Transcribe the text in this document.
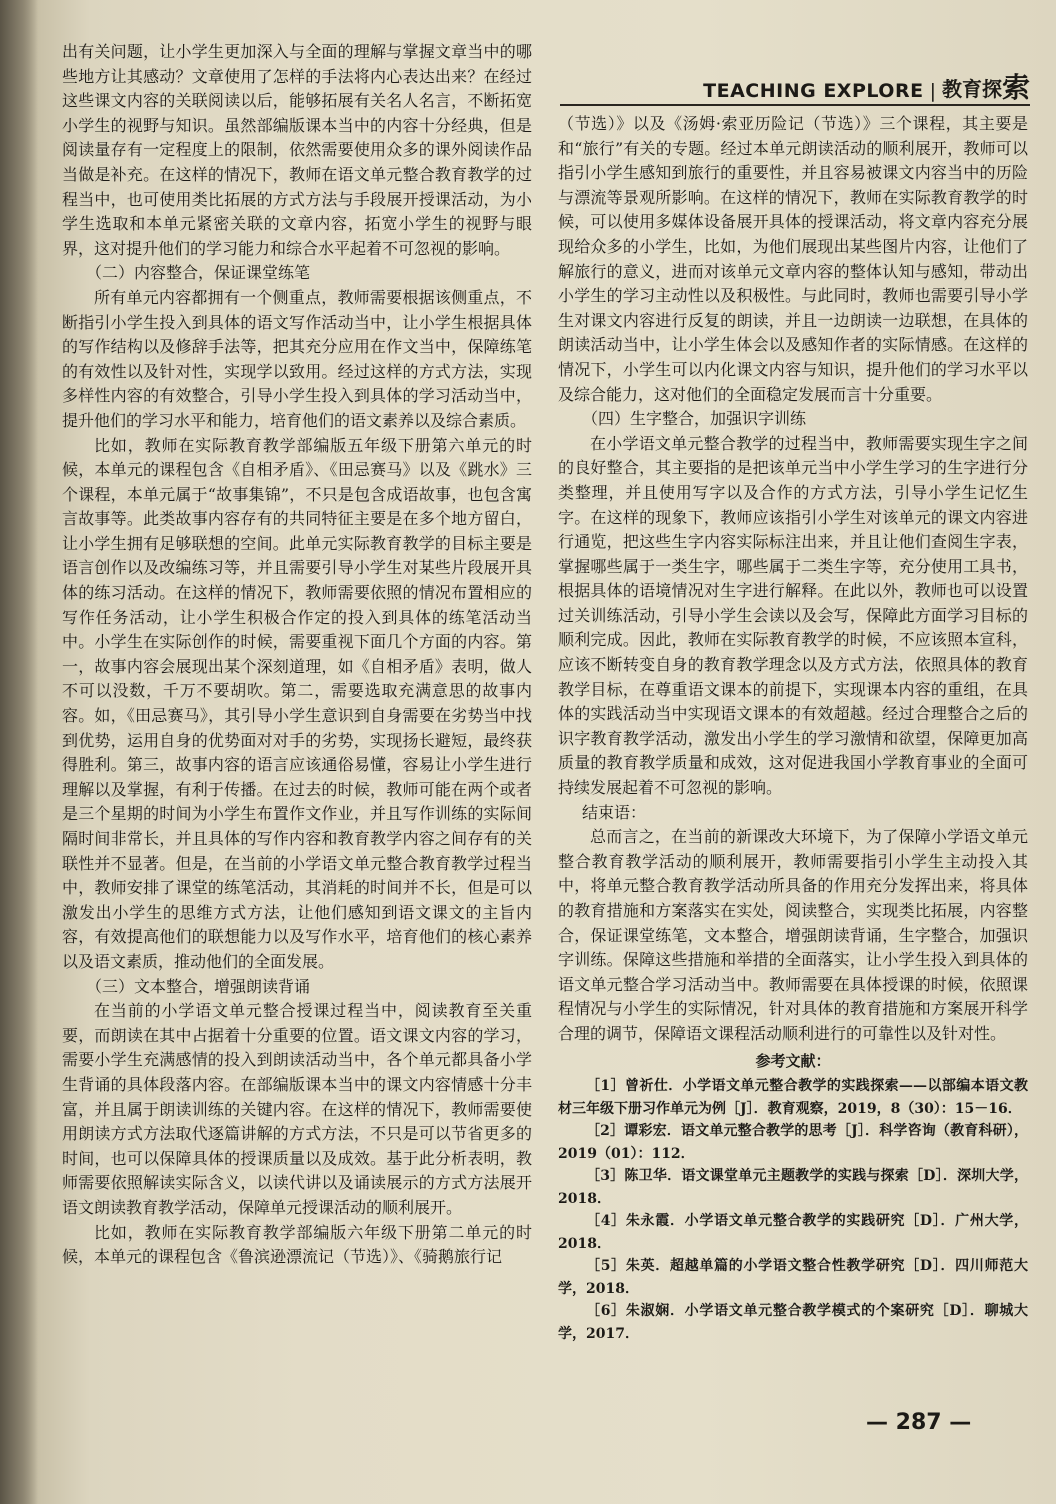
TEACHING EXPLORE | 教育探 索

出有关问题，让小学生更加深入与全面的理解与掌握文章当中的哪些地方让其感动？文章使用了怎样的手法将内心表达出来？在经过这些课文内容的关联阅读以后，能够拓展有关名人名言，不断拓宽小学生的视野与知识。虽然部编版课本当中的内容十分经典，但是阅读量存有一定程度上的限制，依然需要使用众多的课外阅读作品当做是补充。在这样的情况下，教师在语文单元整合教育教学的过程当中，也可使用类比拓展的方式方法与手段展开授课活动，为小学生选取和本单元紧密关联的文章内容，拓宽小学生的视野与眼界，这对提升他们的学习能力和综合水平起着不可忽视的影响。

（二）内容整合，保证课堂练笔

所有单元内容都拥有一个侧重点，教师需要根据该侧重点，不断指引小学生投入到具体的语文写作活动当中，让小学生根据具体的写作结构以及修辞手法等，把其充分应用在作文当中，保障练笔的有效性以及针对性，实现学以致用。经过这样的方式方法，实现多样性内容的有效整合，引导小学生投入到具体的学习活动当中，提升他们的学习水平和能力，培育他们的语文素养以及综合素质。

比如，教师在实际教育教学部编版五年级下册第六单元的时候，本单元的课程包含《自相矛盾》、《田忌赛马》以及《跳水》三个课程，本单元属于“故事集锦”，不只是包含成语故事，也包含寓言故事等。此类故事内容存有的共同特征主要是在多个地方留白，让小学生拥有足够联想的空间。此单元实际教育教学的目标主要是语言创作以及改编练习等，并且需要引导小学生对某些片段展开具体的练习活动。在这样的情况下，教师需要依照的情况布置相应的写作任务活动，让小学生积极合作定的投入到具体的练笔活动当中。小学生在实际创作的时候，需要重视下面几个方面的内容。第一，故事内容会展现出某个深刻道理，如《自相矛盾》表明，做人不可以没数，千万不要胡吹。第二，需要选取充满意思的故事内容。如，《田忌赛马》，其引导小学生意识到自身需要在劣势当中找到优势，运用自身的优势面对对手的劣势，实现扬长避短，最终获得胜利。第三，故事内容的语言应该通俗易懂，容易让小学生进行理解以及掌握，有利于传播。在过去的时候，教师可能在两个或者是三个星期的时间为小学生布置作文作业，并且写作训练的实际间隔时间非常长，并且具体的写作内容和教育教学内容之间存有的关联性并不显著。但是，在当前的小学语文单元整合教育教学过程当中，教师安排了课堂的练笔活动，其消耗的时间并不长，但是可以激发出小学生的思维方式方法，让他们感知到语文课文的主旨内容，有效提高他们的联想能力以及写作水平，培育他们的核心素养以及语文素质，推动他们的全面发展。

（三）文本整合，增强朗读背诵

在当前的小学语文单元整合授课过程当中，阅读教育至关重要，而朗读在其中占据着十分重要的位置。语文课文内容的学习，需要小学生充满感情的投入到朗读活动当中，各个单元都具备小学生背诵的具体段落内容。在部编版课本当中的课文内容情感十分丰富，并且属于朗读训练的关键内容。在这样的情况下，教师需要使用朗读方式方法取代逐篇讲解的方式方法，不只是可以节省更多的时间，也可以保障具体的授课质量以及成效。基于此分析表明，教师需要依照解读实际含义，以读代讲以及诵读展示的方式方法展开语文朗读教育教学活动，保障单元授课活动的顺利展开。

比如，教师在实际教育教学部编版六年级下册第二单元的时候，本单元的课程包含《鲁滨逊漂流记（节选）》、《骑鹅旅行记

（节选）》以及《汤姆·索亚历险记（节选）》三个课程，其主要是和“旅行”有关的专题。经过本单元朗读活动的顺利展开，教师可以指引小学生感知到旅行的重要性，并且容易被课文内容当中的历险与漂流等景观所影响。在这样的情况下，教师在实际教育教学的时候，可以使用多媒体设备展开具体的授课活动，将文章内容充分展现给众多的小学生，比如，为他们展现出某些图片内容，让他们了解旅行的意义，进而对该单元文章内容的整体认知与感知，带动出小学生的学习主动性以及积极性。与此同时，教师也需要引导小学生对课文内容进行反复的朗读，并且一边朗读一边联想，在具体的朗读活动当中，让小学生体会以及感知作者的实际情感。在这样的情况下，小学生可以内化课文内容与知识，提升他们的学习水平以及综合能力，这对他们的全面稳定发展而言十分重要。

（四）生字整合，加强识字训练

在小学语文单元整合教学的过程当中，教师需要实现生字之间的良好整合，其主要指的是把该单元当中小学生学习的生字进行分类整理，并且使用写字以及合作的方式方法，引导小学生记忆生字。在这样的现象下，教师应该指引小学生对该单元的课文内容进行通览，把这些生字内容实际标注出来，并且让他们查阅生字表，掌握哪些属于一类生字，哪些属于二类生字等，充分使用工具书，根据具体的语境情况对生字进行解释。在此以外，教师也可以设置过关训练活动，引导小学生会读以及会写，保障此方面学习目标的顺利完成。因此，教师在实际教育教学的时候，不应该照本宣科，应该不断转变自身的教育教学理念以及方式方法，依照具体的教育教学目标，在尊重语文课本的前提下，实现课本内容的重组，在具体的实践活动当中实现语文课本的有效超越。经过合理整合之后的识字教育教学活动，激发出小学生的学习激情和欲望，保障更加高质量的教育教学质量和成效，这对促进我国小学教育事业的全面可持续发展起着不可忽视的影响。

结束语：

总而言之，在当前的新课改大环境下，为了保障小学语文单元整合教育教学活动的顺利展开，教师需要指引小学生主动投入其中，将单元整合教育教学活动所具备的作用充分发挥出来，将具体的教育措施和方案落实在实处，阅读整合，实现类比拓展，内容整合，保证课堂练笔，文本整合，增强朗读背诵，生字整合，加强识字训练。保障这些措施和举措的全面落实，让小学生投入到具体的语文单元整合学习活动当中。教师需要在具体授课的时候，依照课程情况与小学生的实际情况，针对具体的教育措施和方案展开科学合理的调节，保障语文课程活动顺利进行的可靠性以及针对性。

参考文献：

［1］曾祈仕．小学语文单元整合教学的实践探索——以部编本语文教材三年级下册习作单元为例［J］．教育观察，2019，8（30）：15－16．

［2］谭彩宏．语文单元整合教学的思考［J］．科学咨询（教育科研），2019（01）：112．

［3］陈卫华．语文课堂单元主题教学的实践与探索［D］．深圳大学，2018．

［4］朱永霞．小学语文单元整合教学的实践研究［D］．广州大学，2018．

［5］朱英．超越单篇的小学语文整合性教学研究［D］．四川师范大学，2018．

［6］朱淑娴．小学语文单元整合教学模式的个案研究［D］．聊城大学，2017．

— 287 —
